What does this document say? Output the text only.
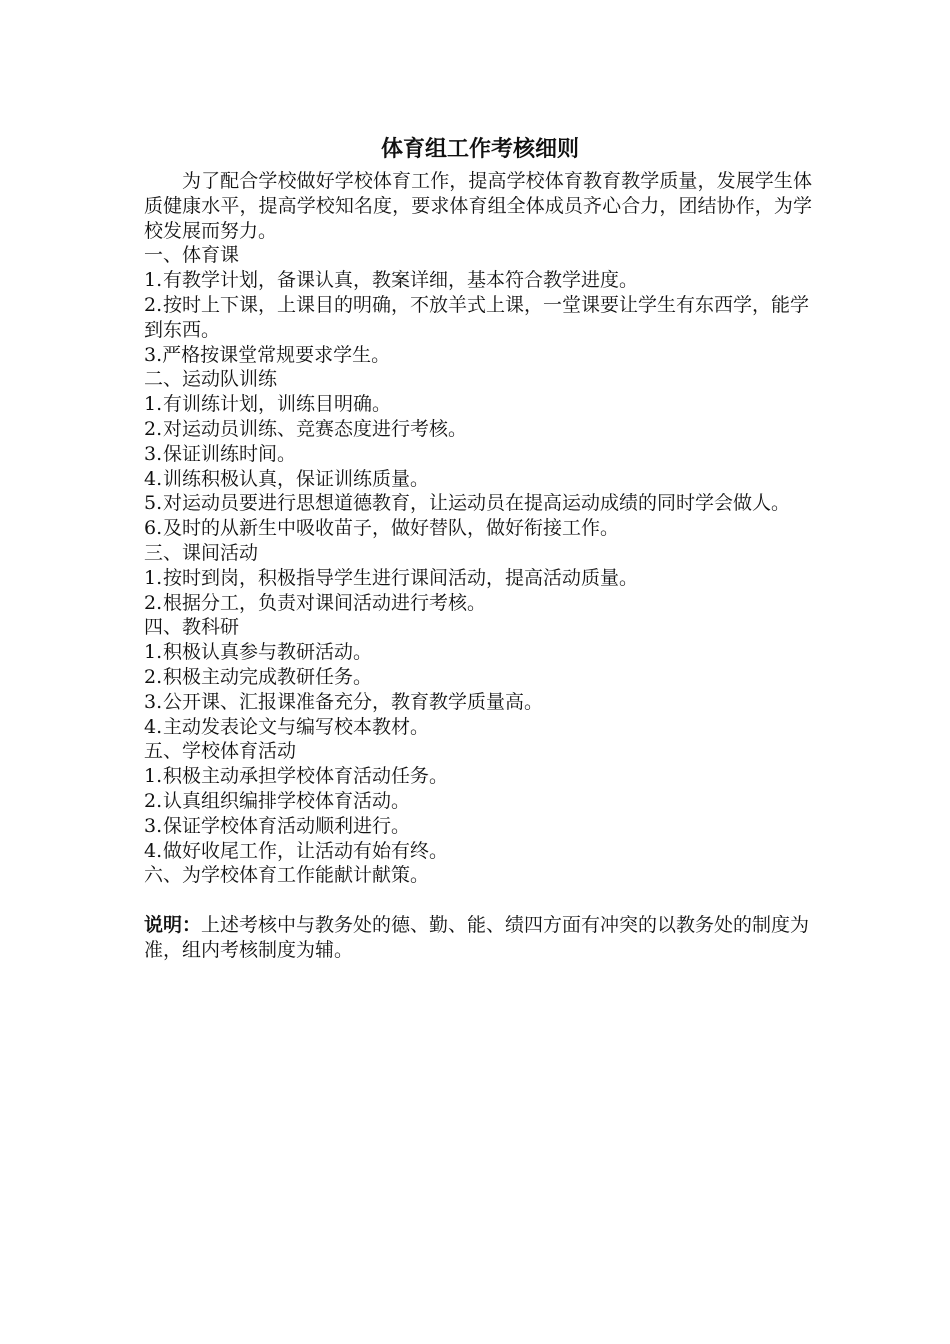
体育组工作考核细则

为了配合学校做好学校体育工作，提高学校体育教育教学质量，发展学生体质健康水平，提高学校知名度，要求体育组全体成员齐心合力，团结协作，为学校发展而努力。

一、体育课

1.有教学计划，备课认真，教案详细，基本符合教学进度。

2.按时上下课，上课目的明确，不放羊式上课，一堂课要让学生有东西学，能学到东西。

3.严格按课堂常规要求学生。

二、运动队训练

1.有训练计划，训练目明确。

2.对运动员训练、竞赛态度进行考核。

3.保证训练时间。

4.训练积极认真，保证训练质量。

5.对运动员要进行思想道德教育，让运动员在提高运动成绩的同时学会做人。

6.及时的从新生中吸收苗子，做好替队，做好衔接工作。

三、课间活动

1.按时到岗，积极指导学生进行课间活动，提高活动质量。

2.根据分工，负责对课间活动进行考核。

四、教科研

1.积极认真参与教研活动。

2.积极主动完成教研任务。

3.公开课、汇报课准备充分，教育教学质量高。

4.主动发表论文与编写校本教材。

五、学校体育活动

1.积极主动承担学校体育活动任务。

2.认真组织编排学校体育活动。

3.保证学校体育活动顺利进行。

4.做好收尾工作，让活动有始有终。

六、为学校体育工作能献计献策。

说明：上述考核中与教务处的德、勤、能、绩四方面有冲突的以教务处的制度为准，组内考核制度为辅。
